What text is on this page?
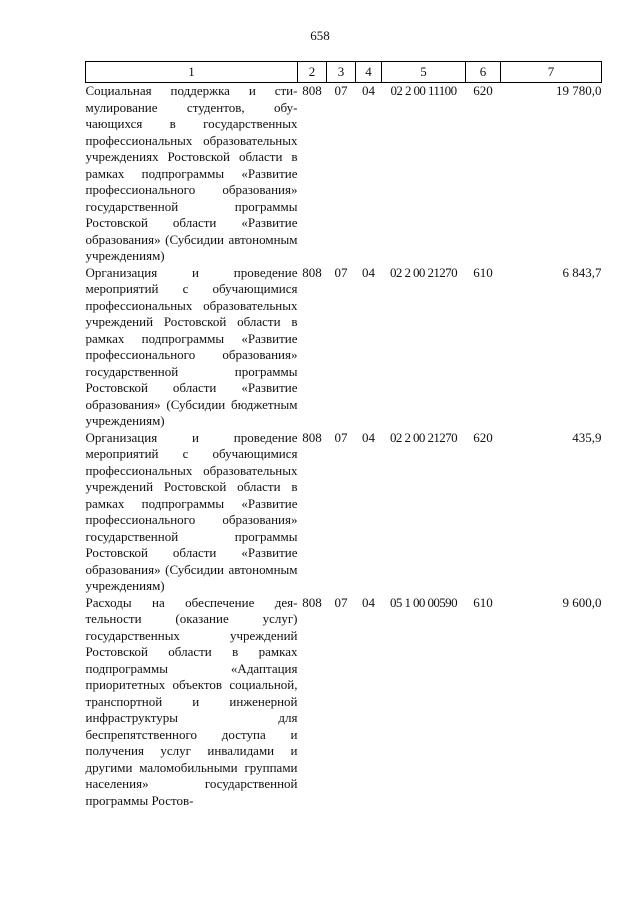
658
1	2	3	4	5	6	7
Социальная поддержка и стимулирование студентов, обучающихся в государственных профессиональных образовательных учреждениях Ростовской области в рамках подпрограммы «Развитие профессионального образования» государственной программы Ростовской области «Развитие образования» (Субсидии автономным учреждениям)	808	07	04	02 2 00 11100	620	19 780,0
Организация и проведение мероприятий с обучающимися профессиональных образовательных учреждений Ростовской области в рамках подпрограммы «Развитие профессионального образования» государственной программы Ростовской области «Развитие образования» (Субсидии бюджетным учреждениям)	808	07	04	02 2 00 21270	610	6 843,7
Организация и проведение мероприятий с обучающимися профессиональных образовательных учреждений Ростовской области в рамках подпрограммы «Развитие профессионального образования» государственной программы Ростовской области «Развитие образования» (Субсидии автономным учреждениям)	808	07	04	02 2 00 21270	620	435,9
Расходы на обеспечение деятельности (оказание услуг) государственных учреждений Ростовской области в рамках подпрограммы «Адаптация приоритетных объектов социальной, транспортной и инженерной инфраструктуры для беспрепятственного доступа и получения услуг инвалидами и другими маломобильными группами населения» государственной программы Ростов-	808	07	04	05 1 00 00590	610	9 600,0
